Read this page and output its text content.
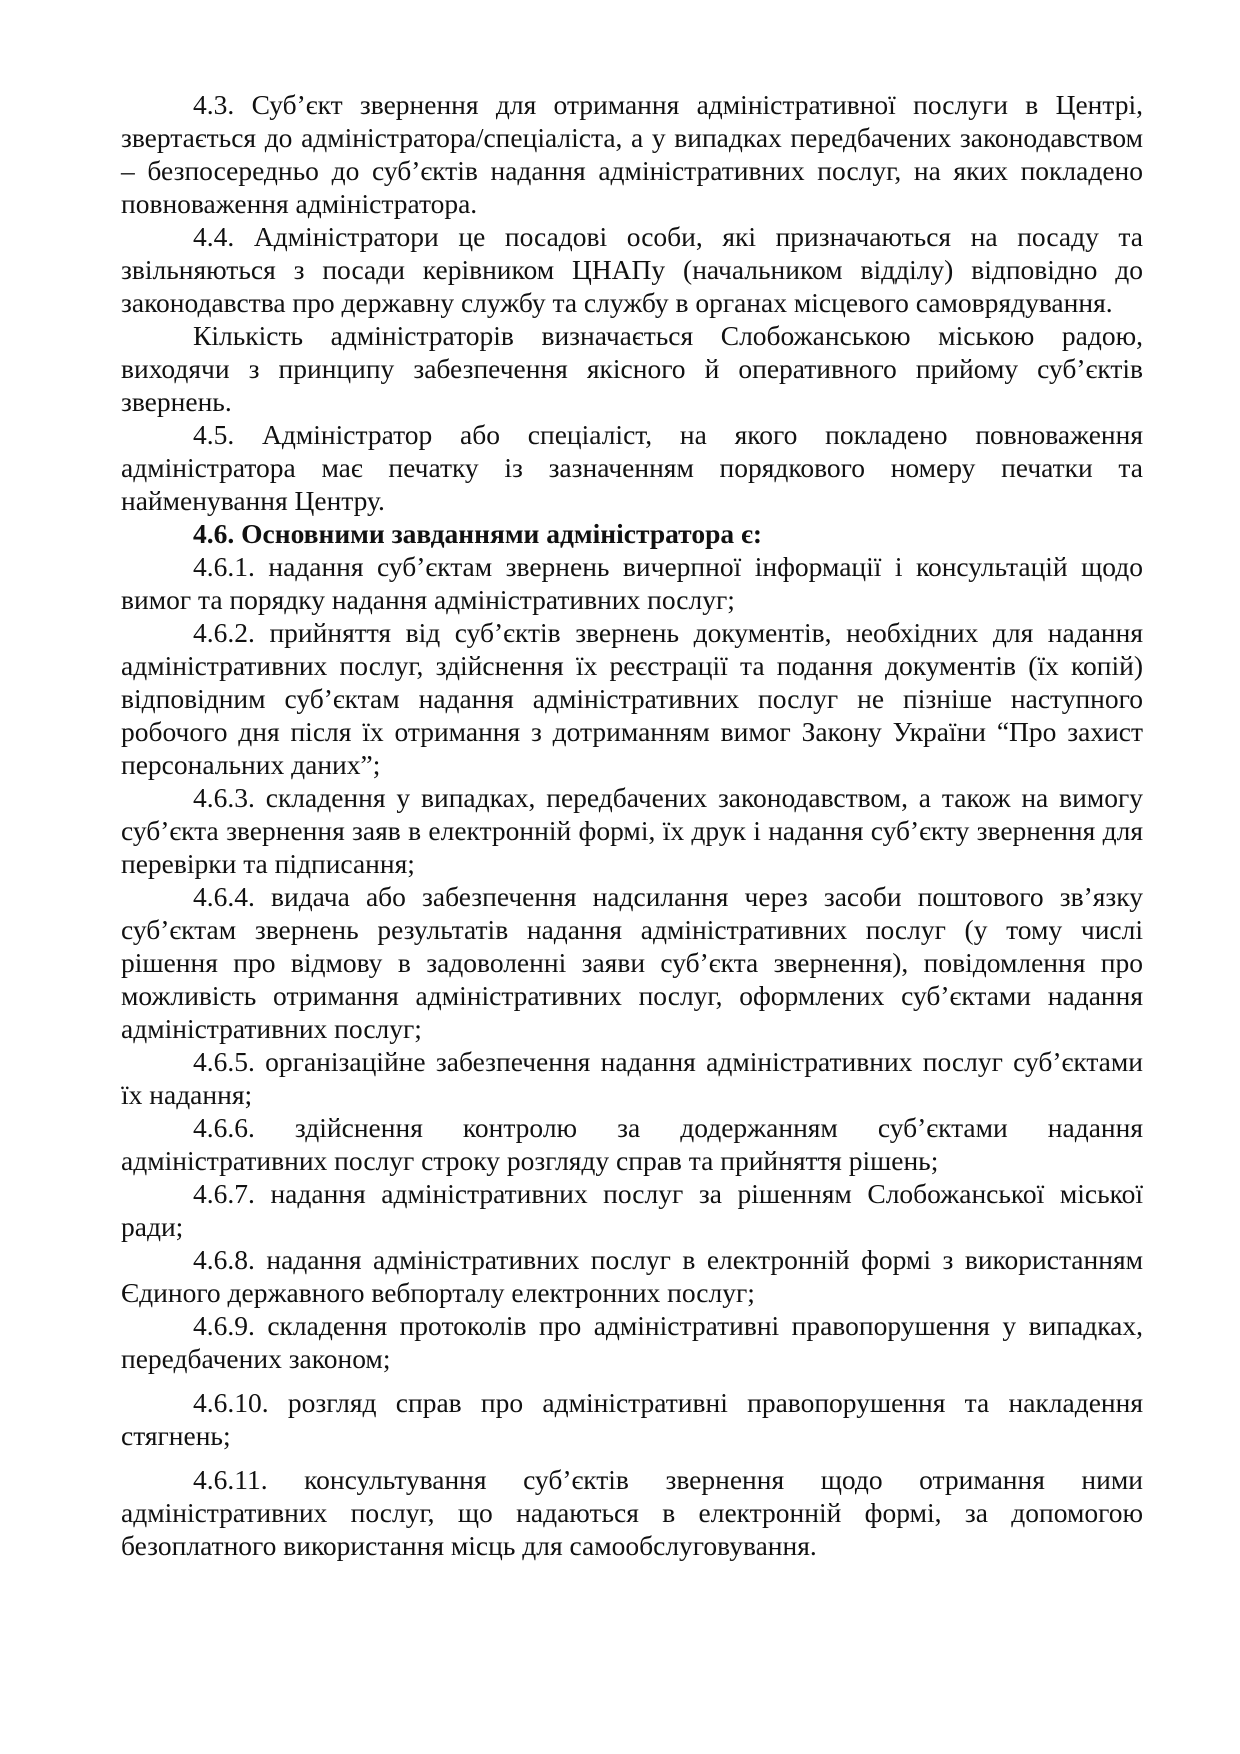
4.3. Суб’єкт звернення для отримання адміністративної послуги в Центрі, звертається до адміністратора/спеціаліста, а у випадках передбачених законодавством – безпосередньо до суб’єктів надання адміністративних послуг, на яких покладено повноваження адміністратора.

4.4. Адміністратори це посадові особи, які призначаються на посаду та звільняються з посади керівником ЦНАПу (начальником відділу) відповідно до законодавства про державну службу та службу в органах місцевого самоврядування.

Кількість адміністраторів визначається Слобожанською міською радою, виходячи з принципу забезпечення якісного й оперативного прийому суб’єктів звернень.

4.5. Адміністратор або спеціаліст, на якого покладено повноваження адміністратора має печатку із зазначенням порядкового номеру печатки та найменування Центру.

4.6. Основними завданнями адміністратора є:

4.6.1. надання суб’єктам звернень вичерпної інформації і консультацій щодо вимог та порядку надання адміністративних послуг;

4.6.2. прийняття від суб’єктів звернень документів, необхідних для надання адміністративних послуг, здійснення їх реєстрації та подання документів (їх копій) відповідним суб’єктам надання адміністративних послуг не пізніше наступного робочого дня після їх отримання з дотриманням вимог Закону України “Про захист персональних даних”;

4.6.3. складення у випадках, передбачених законодавством, а також на вимогу суб’єкта звернення заяв в електронній формі, їх друк і надання суб’єкту звернення для перевірки та підписання;

4.6.4. видача або забезпечення надсилання через засоби поштового зв’язку суб’єктам звернень результатів надання адміністративних послуг (у тому числі рішення про відмову в задоволенні заяви суб’єкта звернення), повідомлення про можливість отримання адміністративних послуг, оформлених суб’єктами надання адміністративних послуг;

4.6.5. організаційне забезпечення надання адміністративних послуг суб’єктами їх надання;

4.6.6. здійснення контролю за додержанням суб’єктами надання адміністративних послуг строку розгляду справ та прийняття рішень;

4.6.7. надання адміністративних послуг за рішенням Слобожанської міської ради;

4.6.8. надання адміністративних послуг в електронній формі з використанням Єдиного державного вебпорталу електронних послуг;

4.6.9. складення протоколів про адміністративні правопорушення у випадках, передбачених законом;

4.6.10. розгляд справ про адміністративні правопорушення та накладення стягнень;

4.6.11. консультування суб’єктів звернення щодо отримання ними адміністративних послуг, що надаються в електронній формі, за допомогою безоплатного використання місць для самообслуговування.
